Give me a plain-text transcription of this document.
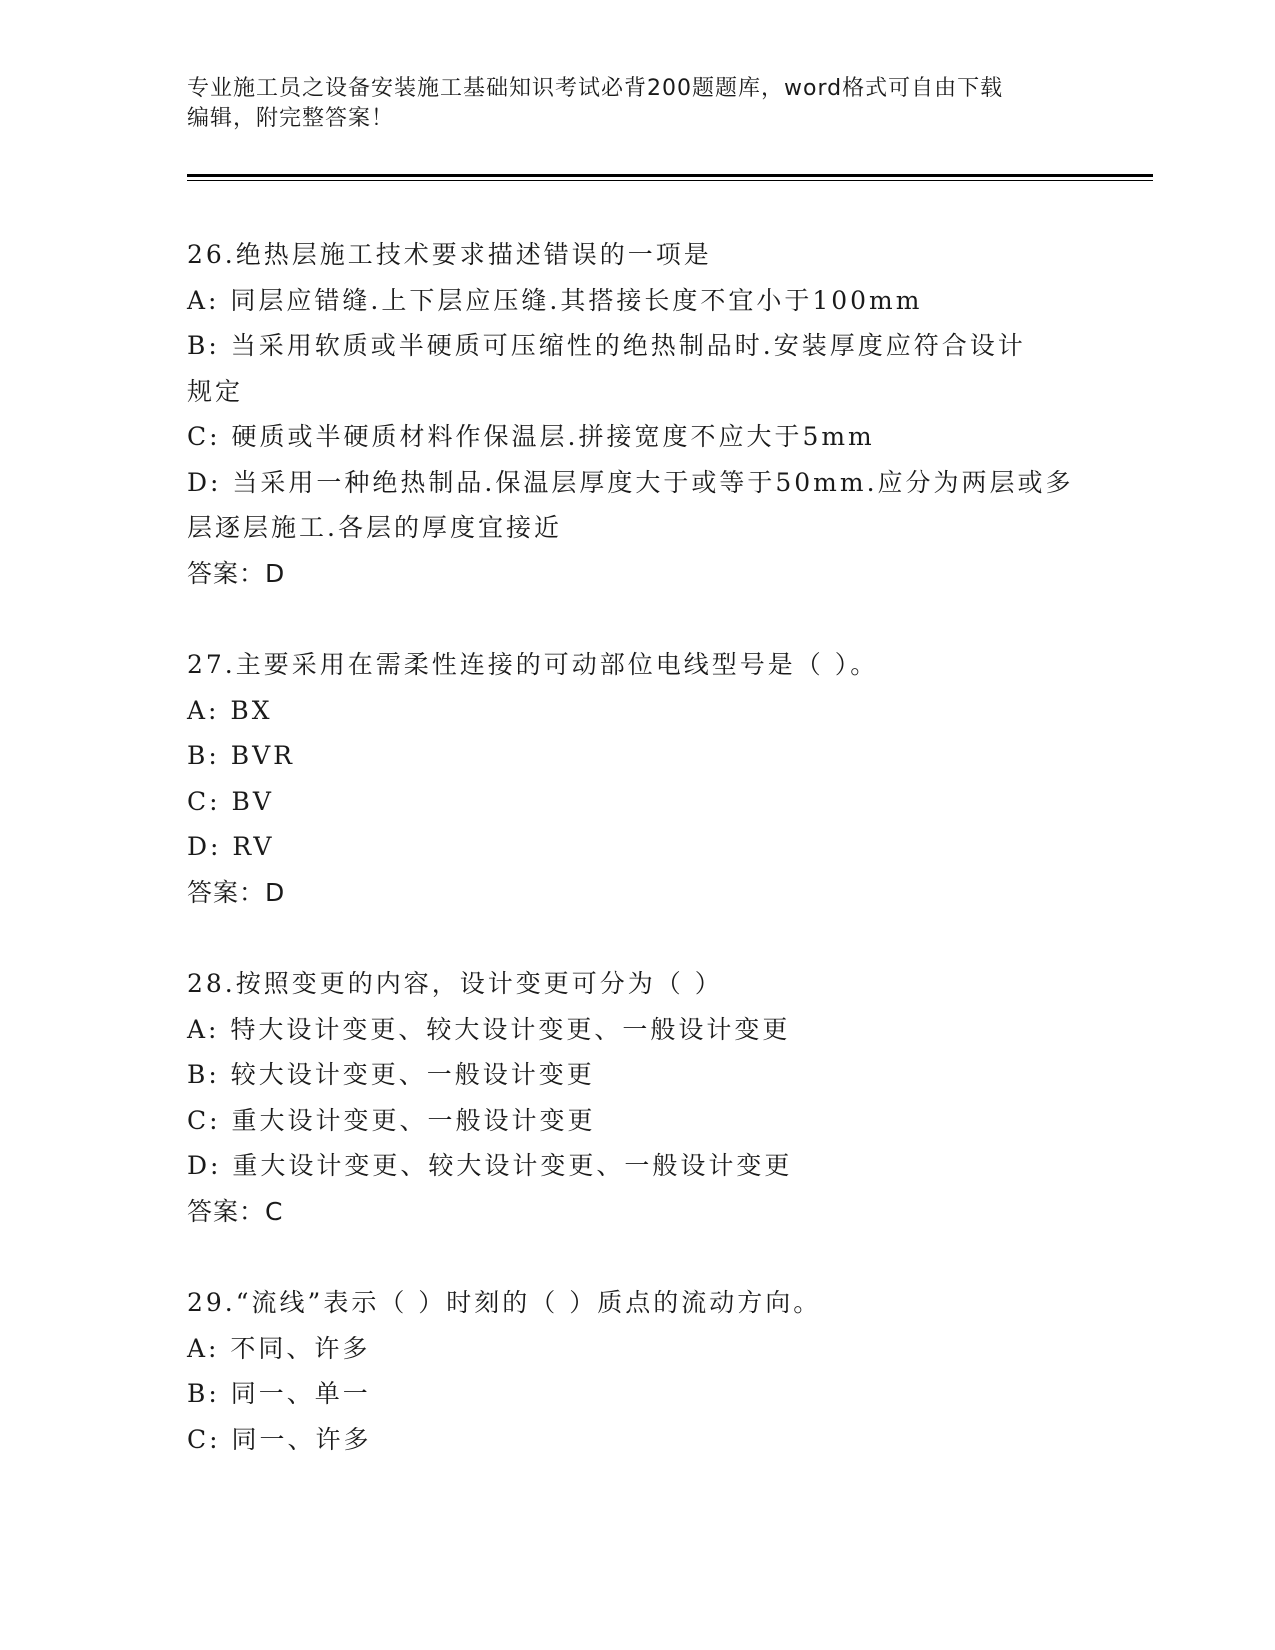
专业施工员之设备安装施工基础知识考试必背200题题库，word格式可自由下载
编辑，附完整答案！
26.绝热层施工技术要求描述错误的一项是
A: 同层应错缝.上下层应压缝.其搭接长度不宜小于100mm
B: 当采用软质或半硬质可压缩性的绝热制品时.安装厚度应符合设计
规定
C: 硬质或半硬质材料作保温层.拼接宽度不应大于5mm
D: 当采用一种绝热制品.保温层厚度大于或等于50mm.应分为两层或多
层逐层施工.各层的厚度宜接近
答案：D
27.主要采用在需柔性连接的可动部位电线型号是（ ）。
A: BX
B: BVR
C: BV
D: RV
答案：D
28.按照变更的内容，设计变更可分为（ ）
A: 特大设计变更、较大设计变更、一般设计变更
B: 较大设计变更、一般设计变更
C: 重大设计变更、一般设计变更
D: 重大设计变更、较大设计变更、一般设计变更
答案：C
29.“流线”表示（ ）时刻的（ ）质点的流动方向。
A: 不同、许多
B: 同一、单一
C: 同一、许多
